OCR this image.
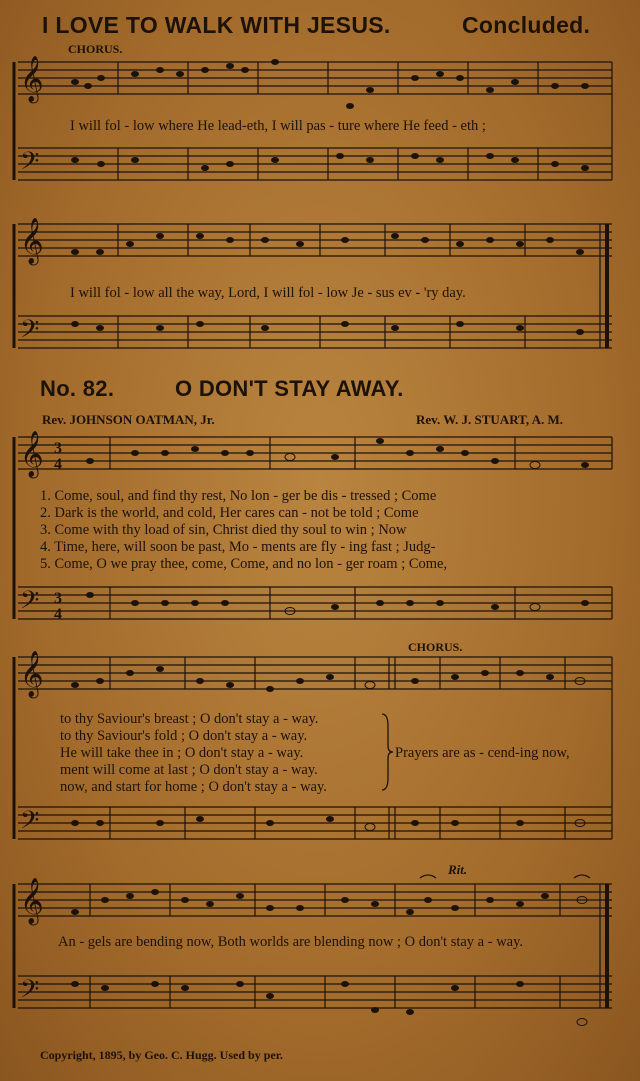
I LOVE TO WALK WITH JESUS.	Concluded.
CHORUS.
𝄞
𝄢
I will fol - low where He lead-eth, I will pas - ture where He feed - eth ;
𝄞
𝄢
I will fol - low all the way, Lord, I will fol - low Je - sus ev - 'ry day.
No. 82.	O DON'T STAY AWAY.
Rev. JOHNSON OATMAN, Jr.	Rev. W. J. STUART, A. M.
𝄞
𝄢
3
4
3
4
1. Come, soul, and find thy rest, No lon - ger be dis - tressed ; Come
2. Dark is the world, and cold, Her cares can - not be told ; Come
3. Come with thy load of sin, Christ died thy soul to win ; Now
4. Time, here, will soon be past, Mo - ments are fly - ing fast ; Judg-
5. Come, O we pray thee, come, Come, and no lon - ger roam ; Come,
CHORUS.
𝄞
𝄢
to thy Saviour's breast ; O don't stay a - way.
to thy Saviour's fold ; O don't stay a - way.
He will take thee in ; O don't stay a - way.
ment will come at last ; O don't stay a - way.
now, and start for home ; O don't stay a - way.
Prayers are as - cend-ing now,
Rit.
𝄞
𝄢
An - gels are bending now, Both worlds are blending now ; O don't stay a - way.
Copyright, 1895, by Geo. C. Hugg. Used by per.
